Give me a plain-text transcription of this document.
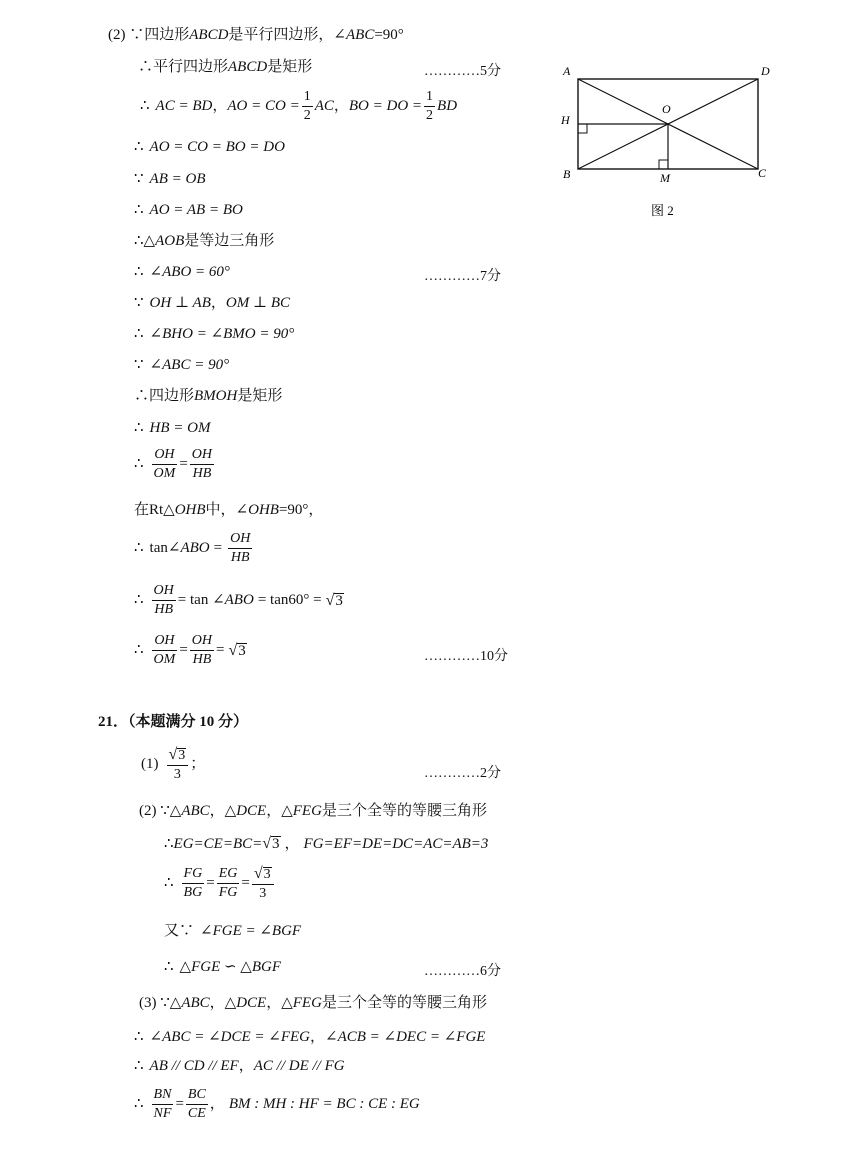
(2) ∵四边形 ABCD 是平行四边形，∠ ABC =90°
∴平行四边形 ABCD 是矩形	…………5分
∴ AC = BD ， AO = CO = $\frac{1}{2}$ AC ， BO = DO = $\frac{1}{2}$ BD
∴ AO = CO = BO = DO
∵ AB = OB
∴ AO = AB = BO
∴△ AOB 是等边三角形
∴ ∠ABO = 60°	…………7分
∵ OH ⊥ AB ， OM ⊥ BC
∴ ∠BHO = ∠BMO = 90°
∵ ∠ABC = 90°
∴四边形 BMOH 是矩形
∴ HB = OM
∴ $\frac{OH}{OM} = \frac{OH}{HB}$
在Rt△ OHB 中，∠ OHB =90°，
∴ tan∠ ABO = $\frac{OH}{HB}$
∴ $\frac{OH}{HB} = \tan$ ∠ ABO = tan60° = √ 3
∴ $\frac{OH}{OM} = \frac{OH}{HB}$ = √ 3	…………10分
A	D
O
H
B	M	C
图 2
21．（本题满分 10 分）
$(1) \frac{√ 3}{3}$ ；
…………2分
(2) ∵△ ABC ，△ DCE ，△ FEG 是三个全等的等腰三角形
∴ EG=CE=BC= √ 3 ， FG=EF=DE=DC=AC=AB=3
∴ $\frac{FG}{BG} = \frac{EG}{FG} = \frac{√ 3}{3}$
又∵ ∠FGE = ∠BGF
∴ △FGE ∽ △BGF	…………6分
(3) ∵△ ABC ，△ DCE ，△ FEG 是三个全等的等腰三角形
∴ ∠ABC = ∠DCE = ∠FEG ， ∠ACB = ∠DEC = ∠FGE
∴ AB // CD // EF ， AC // DE // FG
∴ $\frac{BN}{NF} = \frac{BC}{CE}$ ， BM : MH : HF = BC : CE : EG
